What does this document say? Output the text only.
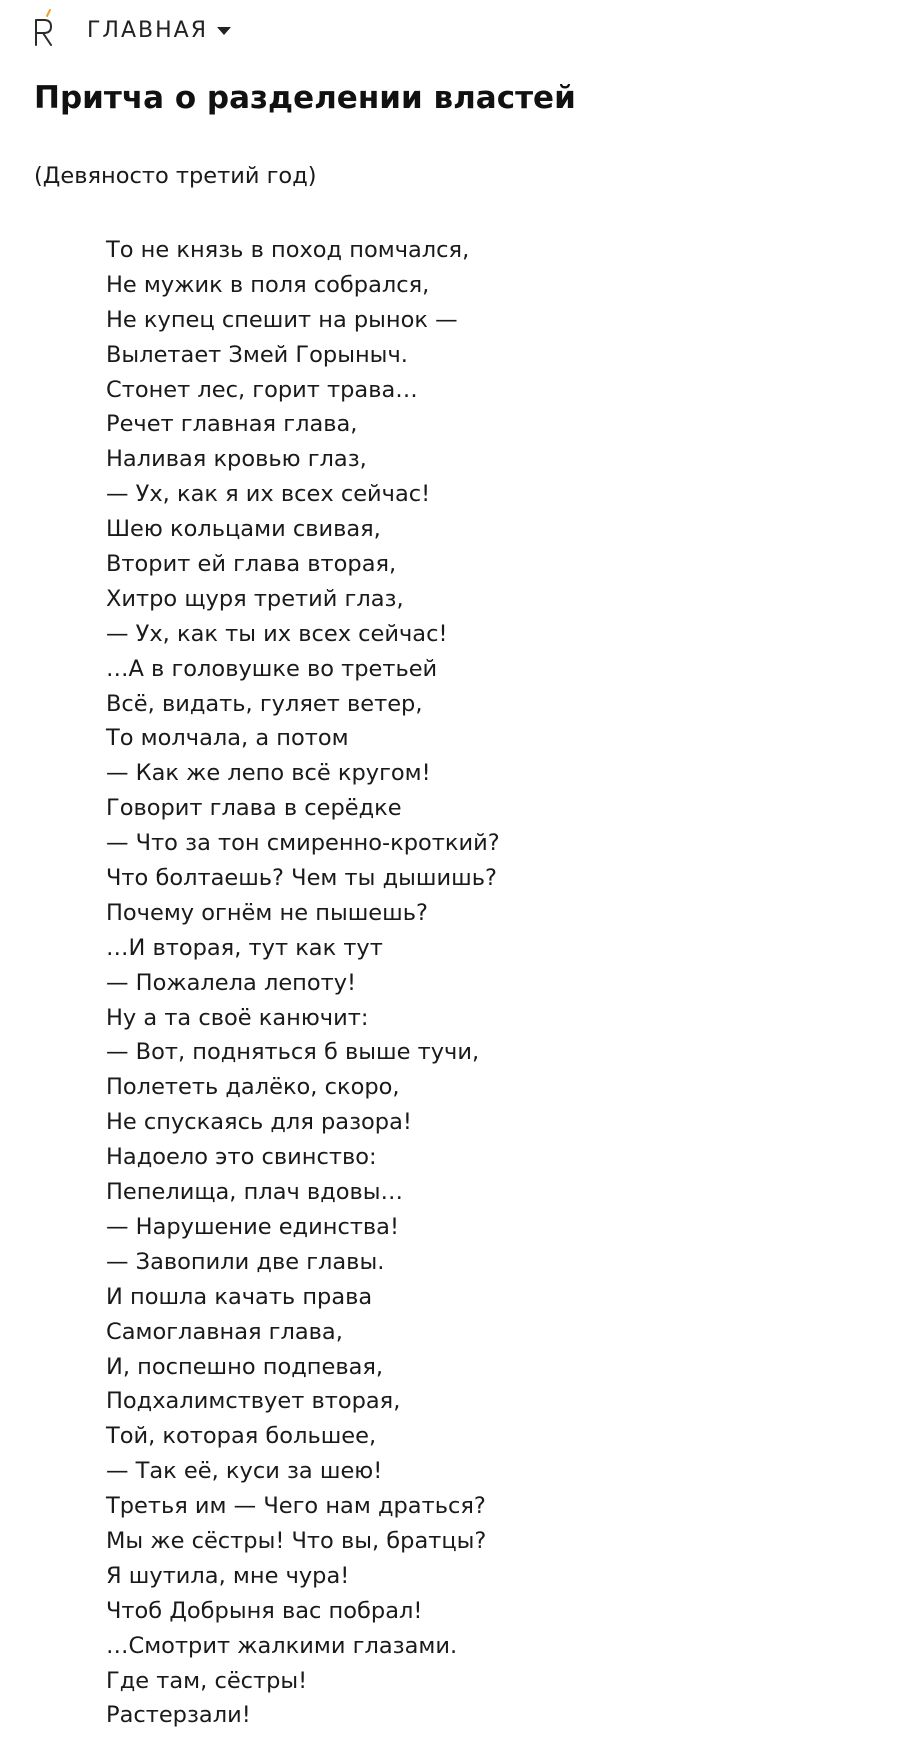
ГЛАВНАЯ
Притча о разделении властей

(Девяносто третий год)

То не князь в поход помчался,
Не мужик в поля собрался,
Не купец спешит на рынок —
Вылетает Змей Горыныч.
Стонет лес, горит трава…
Речет главная глава,
Наливая кровью глаз,
— Ух, как я их всех сейчас!
Шею кольцами свивая,
Вторит ей глава вторая,
Хитро щуря третий глаз,
— Ух, как ты их всех сейчас!
…А в головушке во третьей
Всё, видать, гуляет ветер,
То молчала, а потом
— Как же лепо всё кругом!
Говорит глава в серёдке
— Что за тон смиренно-кроткий?
Что болтаешь? Чем ты дышишь?
Почему огнём не пышешь?
…И вторая, тут как тут
— Пожалела лепоту!
Ну а та своё канючит:
— Вот, подняться б выше тучи,
Полететь далёко, скоро,
Не спускаясь для разора!
Надоело это свинство:
Пепелища, плач вдовы…
— Нарушение единства!
— Завопили две главы.
И пошла качать права
Самоглавная глава,
И, поспешно подпевая,
Подхалимствует вторая,
Той, которая большее,
— Так её, куси за шею!
Третья им — Чего нам драться?
Мы же сёстры! Что вы, братцы?
Я шутила, мне чура!
Чтоб Добрыня вас побрал!
…Смотрит жалкими глазами.
Где там, сёстры!
Растерзали!
